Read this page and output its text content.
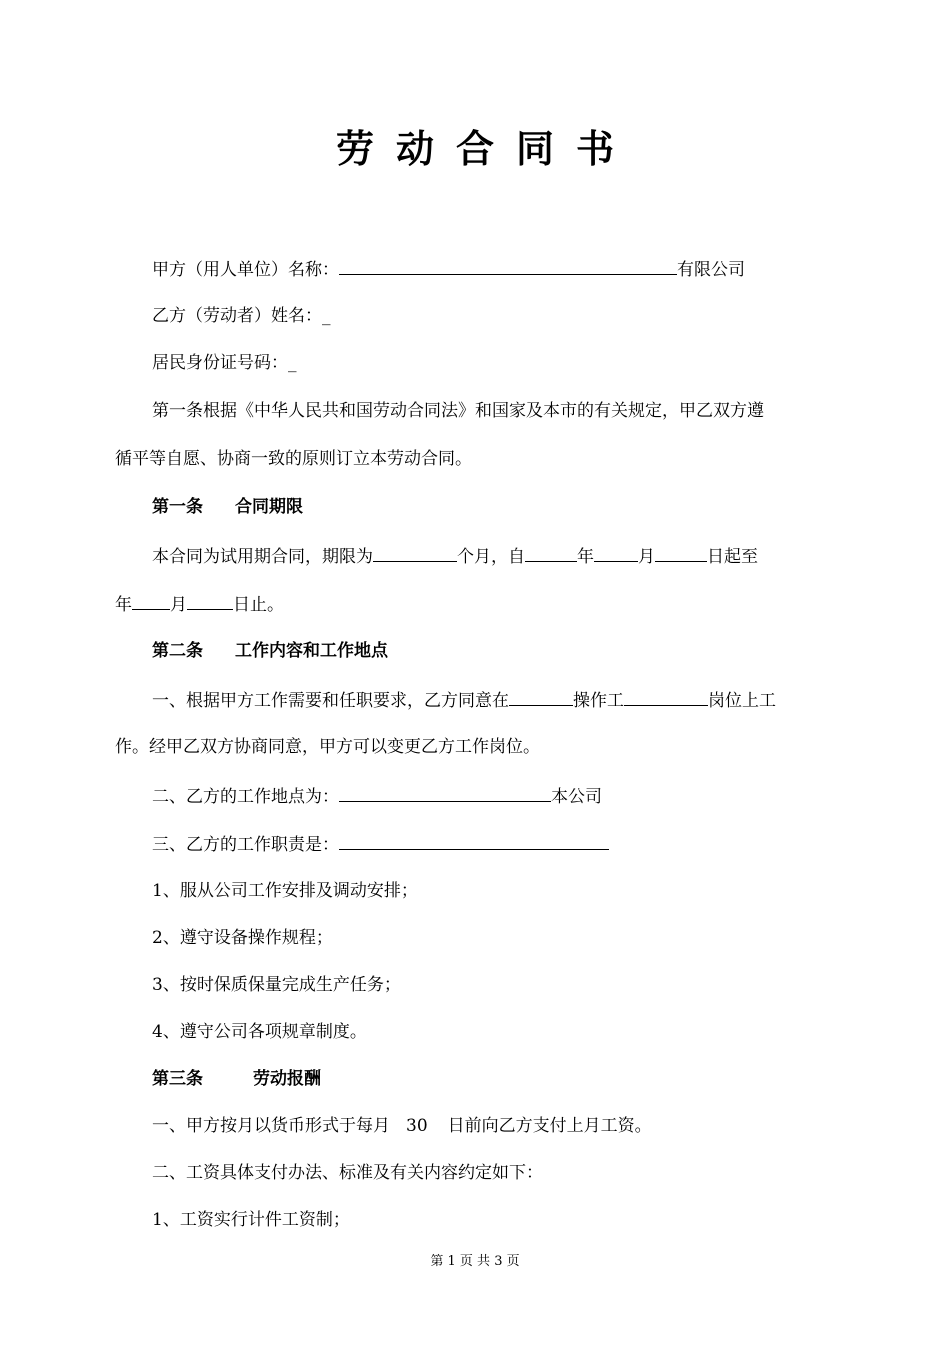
劳动合同书
甲方（用人单位）名称：	有限公司
乙方（劳动者）姓名：_
居民身份证号码：_
第一条根据《中华人民共和国劳动合同法》和国家及本市的有关规定，甲乙双方遵
循平等自愿、协商一致的原则订立本劳动合同。
第一条 合同期限
本合同为试用期合同，期限为	个月，自	年	月	日起至
年 月	日止。
第二条 工作内容和工作地点
一、根据甲方工作需要和任职要求，乙方同意在	操作工	岗位上工
作。经甲乙双方协商同意，甲方可以变更乙方工作岗位。
二、乙方的工作地点为：	本公司
三、乙方的工作职责是：
1、服从公司工作安排及调动安排；
2、遵守设备操作规程；
3、按时保质保量完成生产任务；
4、遵守公司各项规章制度。
第三条	劳动报酬
一、甲方按月以货币形式于每月 30 日前向乙方支付上月工资。
二、工资具体支付办法、标准及有关内容约定如下：
1、工资实行计件工资制；
第 1 页 共 3 页
